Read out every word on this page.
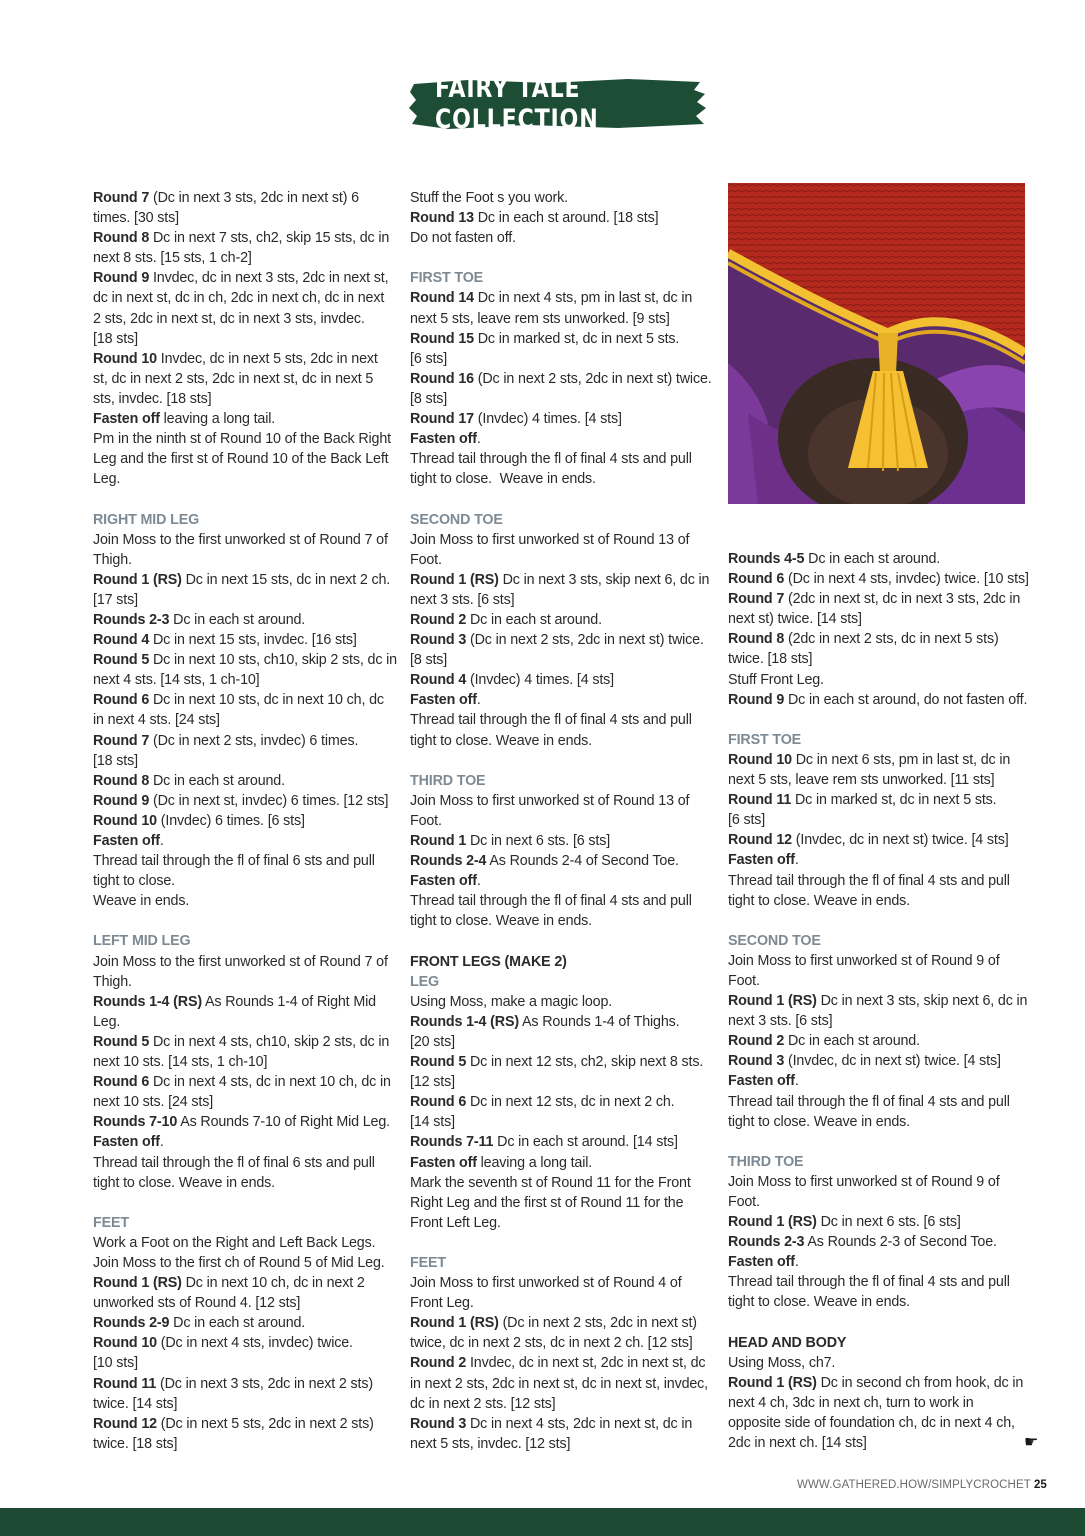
FAIRY TALE COLLECTION
Round 7 (Dc in next 3 sts, 2dc in next st) 6
times. [30 sts]
Round 8 Dc in next 7 sts, ch2, skip 15 sts, dc in
next 8 sts. [15 sts, 1 ch-2]
Round 9 Invdec, dc in next 3 sts, 2dc in next st,
dc in next st, dc in ch, 2dc in next ch, dc in next
2 sts, 2dc in next st, dc in next 3 sts, invdec.
[18 sts]
Round 10 Invdec, dc in next 5 sts, 2dc in next
st, dc in next 2 sts, 2dc in next st, dc in next 5
sts, invdec. [18 sts]
Fasten off leaving a long tail.
Pm in the ninth st of Round 10 of the Back Right
Leg and the first st of Round 10 of the Back Left
Leg.
RIGHT MID LEG
Join Moss to the first unworked st of Round 7 of
Thigh.
Round 1 (RS) Dc in next 15 sts, dc in next 2 ch.
[17 sts]
Rounds 2-3 Dc in each st around.
Round 4 Dc in next 15 sts, invdec. [16 sts]
Round 5 Dc in next 10 sts, ch10, skip 2 sts, dc in
next 4 sts. [14 sts, 1 ch-10]
Round 6 Dc in next 10 sts, dc in next 10 ch, dc
in next 4 sts. [24 sts]
Round 7 (Dc in next 2 sts, invdec) 6 times.
[18 sts]
Round 8 Dc in each st around.
Round 9 (Dc in next st, invdec) 6 times. [12 sts]
Round 10 (Invdec) 6 times. [6 sts]
Fasten off.
Thread tail through the fl of final 6 sts and pull
tight to close.
Weave in ends.
LEFT MID LEG
Join Moss to the first unworked st of Round 7 of
Thigh.
Rounds 1-4 (RS) As Rounds 1-4 of Right Mid
Leg.
Round 5 Dc in next 4 sts, ch10, skip 2 sts, dc in
next 10 sts. [14 sts, 1 ch-10]
Round 6 Dc in next 4 sts, dc in next 10 ch, dc in
next 10 sts. [24 sts]
Rounds 7-10 As Rounds 7-10 of Right Mid Leg.
Fasten off.
Thread tail through the fl of final 6 sts and pull
tight to close. Weave in ends.
FEET
Work a Foot on the Right and Left Back Legs.
Join Moss to the first ch of Round 5 of Mid Leg.
Round 1 (RS) Dc in next 10 ch, dc in next 2
unworked sts of Round 4. [12 sts]
Rounds 2-9 Dc in each st around.
Round 10 (Dc in next 4 sts, invdec) twice.
[10 sts]
Round 11 (Dc in next 3 sts, 2dc in next 2 sts)
twice. [14 sts]
Round 12 (Dc in next 5 sts, 2dc in next 2 sts)
twice. [18 sts]
Stuff the Foot s you work.
Round 13 Dc in each st around. [18 sts]
Do not fasten off.
FIRST TOE
Round 14 Dc in next 4 sts, pm in last st, dc in
next 5 sts, leave rem sts unworked. [9 sts]
Round 15 Dc in marked st, dc in next 5 sts.
[6 sts]
Round 16 (Dc in next 2 sts, 2dc in next st) twice.
[8 sts]
Round 17 (Invdec) 4 times. [4 sts]
Fasten off.
Thread tail through the fl of final 4 sts and pull
tight to close.  Weave in ends.
SECOND TOE
Join Moss to first unworked st of Round 13 of
Foot.
Round 1 (RS) Dc in next 3 sts, skip next 6, dc in
next 3 sts. [6 sts]
Round 2 Dc in each st around.
Round 3 (Dc in next 2 sts, 2dc in next st) twice.
[8 sts]
Round 4 (Invdec) 4 times. [4 sts]
Fasten off.
Thread tail through the fl of final 4 sts and pull
tight to close. Weave in ends.
THIRD TOE
Join Moss to first unworked st of Round 13 of
Foot.
Round 1 Dc in next 6 sts. [6 sts]
Rounds 2-4 As Rounds 2-4 of Second Toe.
Fasten off.
Thread tail through the fl of final 4 sts and pull
tight to close. Weave in ends.
FRONT LEGS (MAKE 2)
LEG
Using Moss, make a magic loop.
Rounds 1-4 (RS) As Rounds 1-4 of Thighs.
[20 sts]
Round 5 Dc in next 12 sts, ch2, skip next 8 sts.
[12 sts]
Round 6 Dc in next 12 sts, dc in next 2 ch.
[14 sts]
Rounds 7-11 Dc in each st around. [14 sts]
Fasten off leaving a long tail.
Mark the seventh st of Round 11 for the Front
Right Leg and the first st of Round 11 for the
Front Left Leg.
FEET
Join Moss to first unworked st of Round 4 of
Front Leg.
Round 1 (RS) (Dc in next 2 sts, 2dc in next st)
twice, dc in next 2 sts, dc in next 2 ch. [12 sts]
Round 2 Invdec, dc in next st, 2dc in next st, dc
in next 2 sts, 2dc in next st, dc in next st, invdec,
dc in next 2 sts. [12 sts]
Round 3 Dc in next 4 sts, 2dc in next st, dc in
next 5 sts, invdec. [12 sts]
Rounds 4-5 Dc in each st around.
Round 6 (Dc in next 4 sts, invdec) twice. [10 sts]
Round 7 (2dc in next st, dc in next 3 sts, 2dc in
next st) twice. [14 sts]
Round 8 (2dc in next 2 sts, dc in next 5 sts)
twice. [18 sts]
Stuff Front Leg.
Round 9 Dc in each st around, do not fasten off.
FIRST TOE
Round 10 Dc in next 6 sts, pm in last st, dc in
next 5 sts, leave rem sts unworked. [11 sts]
Round 11 Dc in marked st, dc in next 5 sts.
[6 sts]
Round 12 (Invdec, dc in next st) twice. [4 sts]
Fasten off.
Thread tail through the fl of final 4 sts and pull
tight to close. Weave in ends.
SECOND TOE
Join Moss to first unworked st of Round 9 of
Foot.
Round 1 (RS) Dc in next 3 sts, skip next 6, dc in
next 3 sts. [6 sts]
Round 2 Dc in each st around.
Round 3 (Invdec, dc in next st) twice. [4 sts]
Fasten off.
Thread tail through the fl of final 4 sts and pull
tight to close. Weave in ends.
THIRD TOE
Join Moss to first unworked st of Round 9 of
Foot.
Round 1 (RS) Dc in next 6 sts. [6 sts]
Rounds 2-3 As Rounds 2-3 of Second Toe.
Fasten off.
Thread tail through the fl of final 4 sts and pull
tight to close. Weave in ends.
HEAD AND BODY
Using Moss, ch7.
Round 1 (RS) Dc in second ch from hook, dc in
next 4 ch, 3dc in next ch, turn to work in
opposite side of foundation ch, dc in next 4 ch,
2dc in next ch. [14 sts]	☛
WWW.GATHERED.HOW/SIMPLYCROCHET 25
